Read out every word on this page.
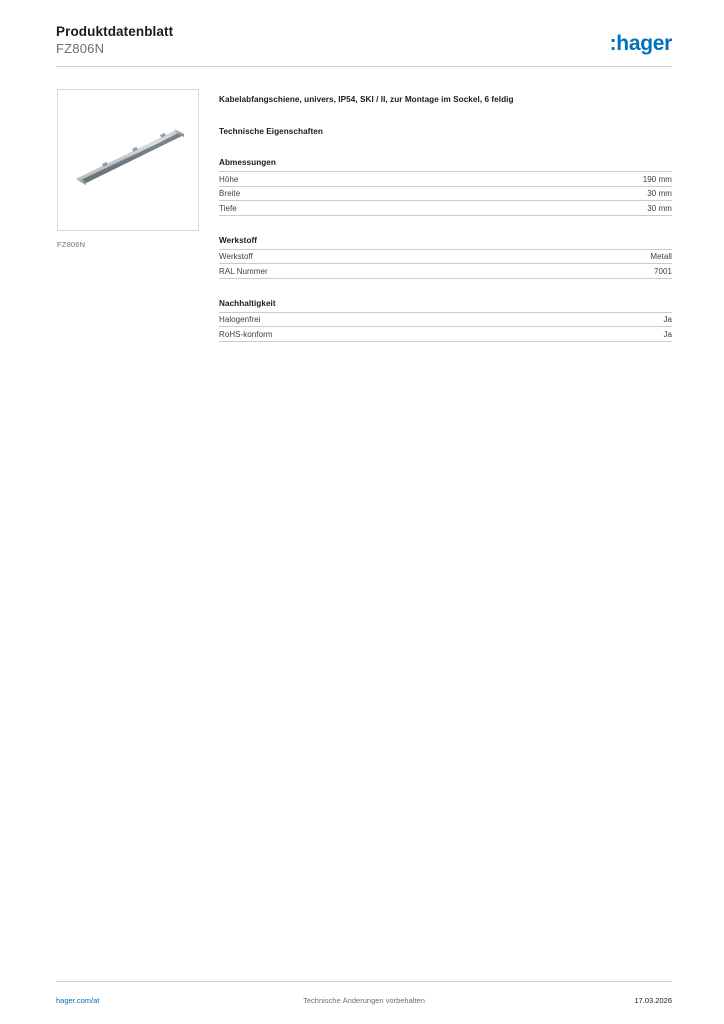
Produktdatenblatt
FZ806N	:hager
FZ806N
Kabelabfangschiene, univers, IP54, SKI / II, zur Montage im Sockel, 6 feldig
Technische Eigenschaften
Abmessungen
Höhe	190 mm
Breite	30 mm
Tiefe	30 mm
Werkstoff
Werkstoff	Metall
RAL Nummer	7001
Nachhaltigkeit
Halogenfrei	Ja
RoHS-konform	Ja
hager.com/at	Technische Änderungen vorbehalten	17.03.2026
